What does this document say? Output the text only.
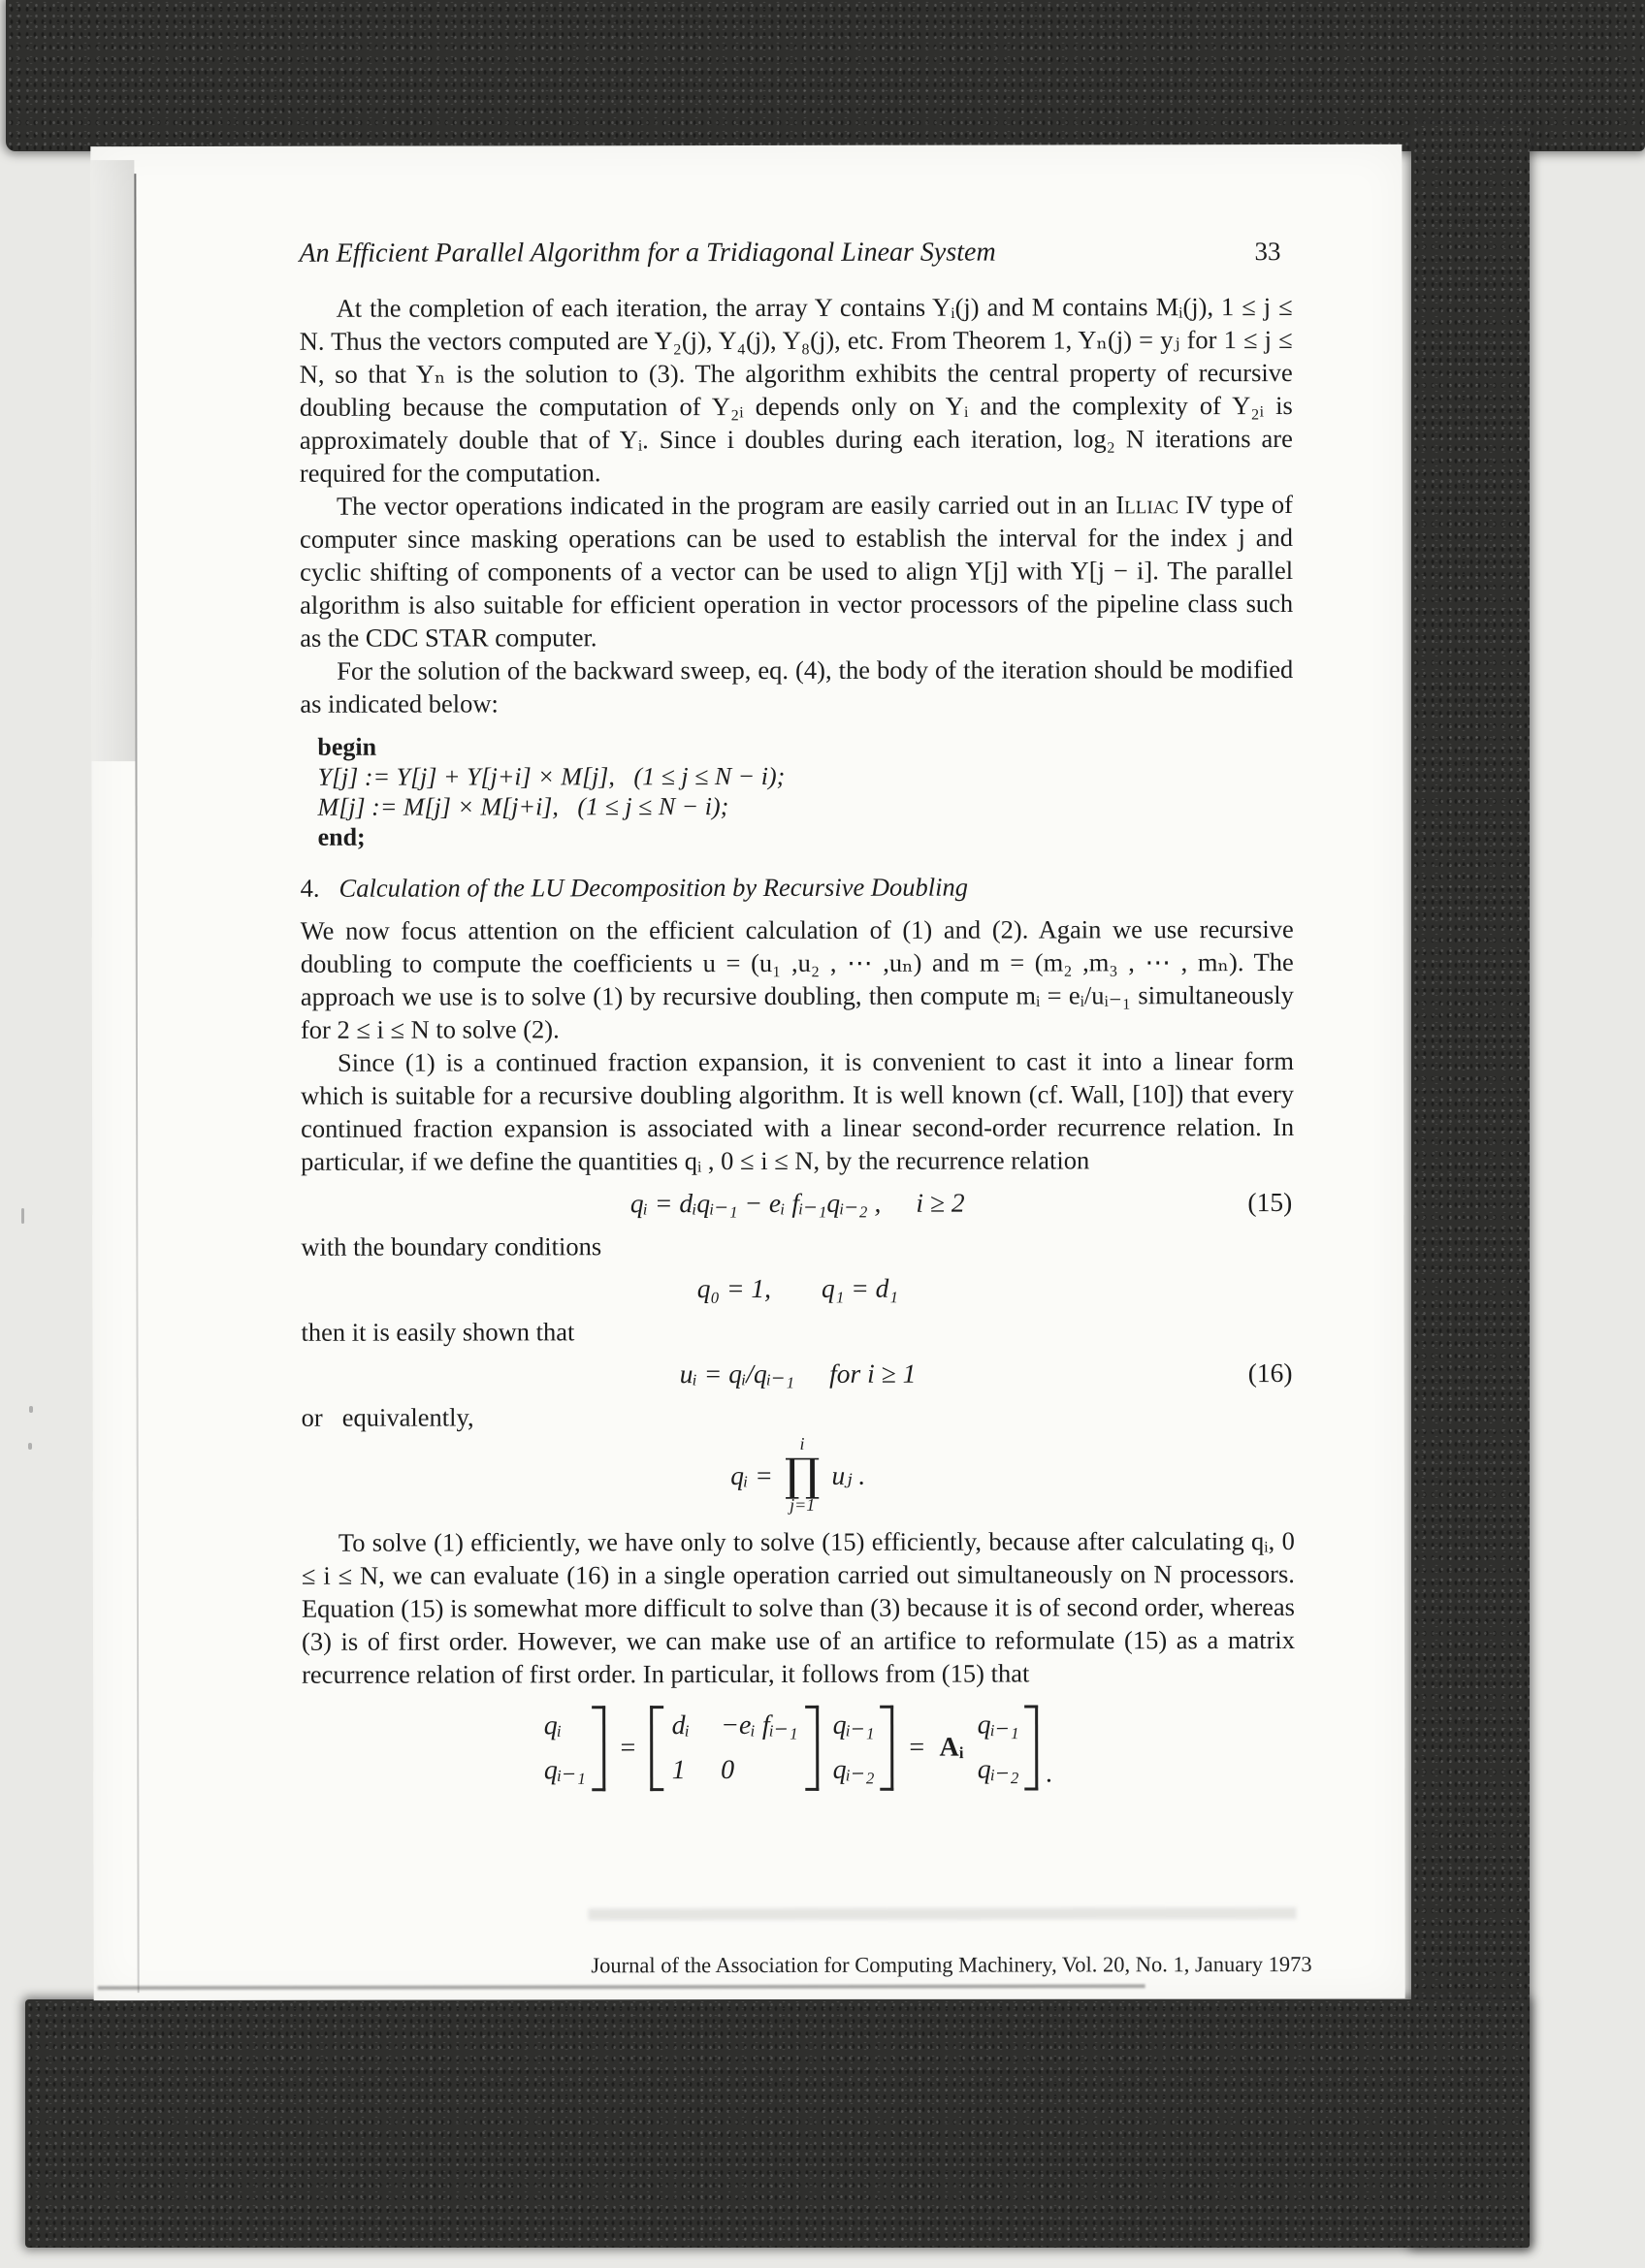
An Efficient Parallel Algorithm for a Tridiagonal Linear System	33

At the completion of each iteration, the array Y contains Yᵢ(j) and M contains Mᵢ(j), 1 ≤ j ≤ N. Thus the vectors computed are Y₂(j), Y₄(j), Y₈(j), etc. From Theorem 1, Yₙ(j) = yⱼ for 1 ≤ j ≤ N, so that Yₙ is the solution to (3). The algorithm exhibits the central property of recursive doubling because the computation of Y₂ᵢ depends only on Yᵢ and the complexity of Y₂ᵢ is approximately double that of Yᵢ. Since i doubles during each iteration, log₂ N iterations are required for the computation.

The vector operations indicated in the program are easily carried out in an Illiac IV type of computer since masking operations can be used to establish the interval for the index j and cyclic shifting of components of a vector can be used to align Y[j] with Y[j − i]. The parallel algorithm is also suitable for efficient operation in vector processors of the pipeline class such as the CDC STAR computer.

For the solution of the backward sweep, eq. (4), the body of the iteration should be modified as indicated below:

begin
Y[j] := Y[j] + Y[j+i] × M[j],  (1 ≤ j ≤ N − i);
M[j] := M[j] × M[j+i],  (1 ≤ j ≤ N − i);
end;
4. Calculation of the LU Decomposition by Recursive Doubling

We now focus attention on the efficient calculation of (1) and (2). Again we use recursive doubling to compute the coefficients u = (u₁ ,u₂ , ⋯ ,uₙ) and m = (m₂ ,m₃ , ⋯ , mₙ). The approach we use is to solve (1) by recursive doubling, then compute mᵢ = eᵢ/uᵢ₋₁ simultaneously for 2 ≤ i ≤ N to solve (2).

Since (1) is a continued fraction expansion, it is convenient to cast it into a linear form which is suitable for a recursive doubling algorithm. It is well known (cf. Wall, [10]) that every continued fraction expansion is associated with a linear second-order recurrence relation. In particular, if we define the quantities qᵢ , 0 ≤ i ≤ N, by the recurrence relation

qᵢ = dᵢqᵢ₋₁ − eᵢ fᵢ₋₁qᵢ₋₂ , i ≥ 2	(15)

with the boundary conditions

q₀ = 1, q₁ = d₁

then it is easily shown that

uᵢ = qᵢ/qᵢ₋₁ for i ≥ 1	(16)

or equivalently,

qᵢ =
i
∏
j=1
uⱼ .

To solve (1) efficiently, we have only to solve (15) efficiently, because after calculating qᵢ, 0 ≤ i ≤ N, we can evaluate (16) in a single operation carried out simultaneously on N processors. Equation (15) is somewhat more difficult to solve than (3) because it is of second order, whereas (3) is of first order. However, we can make use of an artifice to reformulate (15) as a matrix recurrence relation of first order. In particular, it follows from (15) that

qᵢ
qᵢ₋₁
=
dᵢ −eᵢ fᵢ₋₁
1 0
qᵢ₋₁
qᵢ₋₂
= Aᵢ
qᵢ₋₁
qᵢ₋₂ .
Journal of the Association for Computing Machinery, Vol. 20, No. 1, January 1973
